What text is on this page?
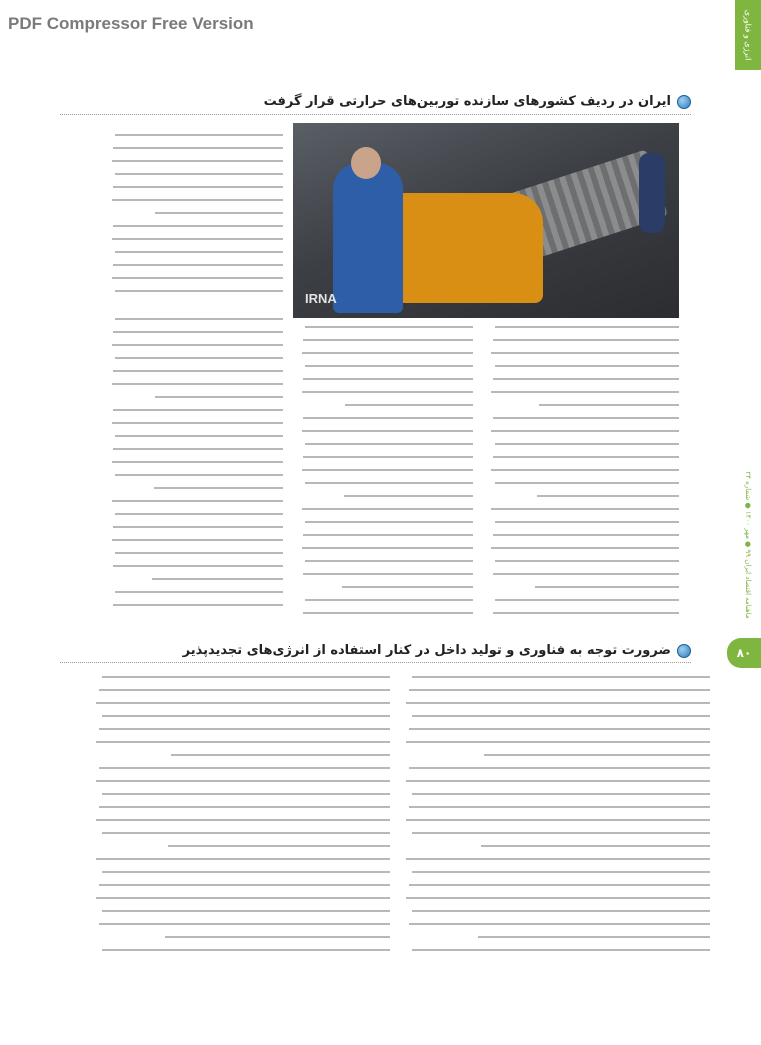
PDF Compressor Free Version	انرژی و فناوری
ماهنامه اقتصاد ایران ۹۹ ● مهر ۱۴۰۰ ● شماره ۲۴
۸۰
ایران در ردیف کشورهای سازنده توربین‌های حرارتی قرار گرفت
IRNA
ضرورت توجه به فناوری و تولید داخل در کنار استفاده از انرژی‌های تجدیدپذیر
